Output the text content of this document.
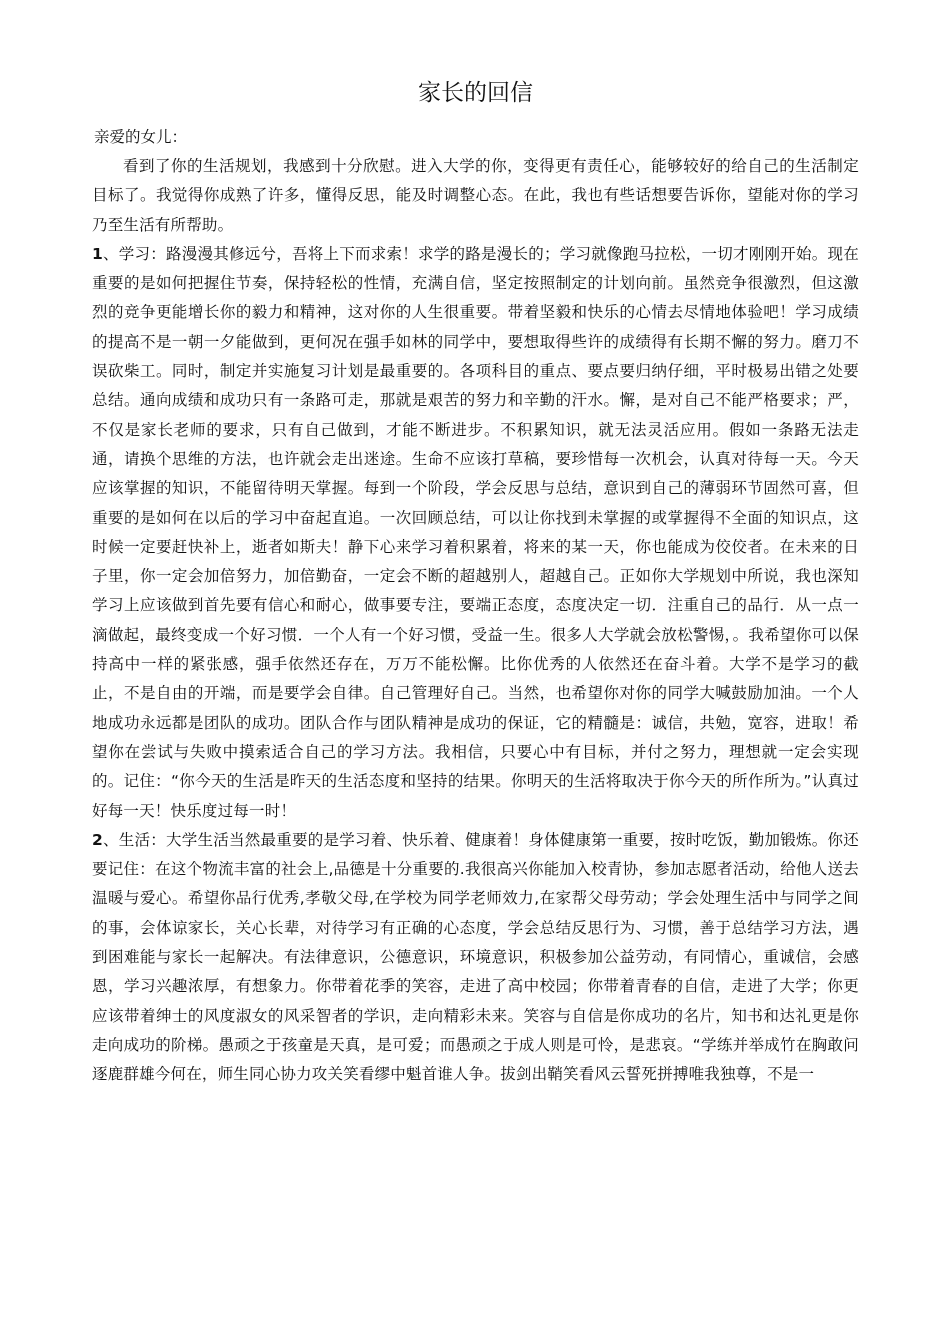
家长的回信
亲爱的女儿：

看到了你的生活规划，我感到十分欣慰。进入大学的你，变得更有责任心，能够较好的给自己的生活制定目标了。我觉得你成熟了许多，懂得反思，能及时调整心态。在此，我也有些话想要告诉你，望能对你的学习乃至生活有所帮助。

1、学习：路漫漫其修远兮，吾将上下而求索！求学的路是漫长的；学习就像跑马拉松，一切才刚刚开始。现在重要的是如何把握住节奏，保持轻松的性情，充满自信，坚定按照制定的计划向前。虽然竞争很激烈，但这激烈的竞争更能增长你的毅力和精神，这对你的人生很重要。带着坚毅和快乐的心情去尽情地体验吧！学习成绩的提高不是一朝一夕能做到，更何况在强手如林的同学中，要想取得些许的成绩得有长期不懈的努力。磨刀不误砍柴工。同时，制定并实施复习计划是最重要的。各项科目的重点、要点要归纳仔细，平时极易出错之处要总结。通向成绩和成功只有一条路可走，那就是艰苦的努力和辛勤的汗水。懈，是对自己不能严格要求；严，不仅是家长老师的要求，只有自己做到，才能不断进步。不积累知识，就无法灵活应用。假如一条路无法走通，请换个思维的方法，也许就会走出迷途。生命不应该打草稿，要珍惜每一次机会，认真对待每一天。今天应该掌握的知识，不能留待明天掌握。每到一个阶段，学会反思与总结，意识到自己的薄弱环节固然可喜，但重要的是如何在以后的学习中奋起直追。一次回顾总结，可以让你找到未掌握的或掌握得不全面的知识点，这时候一定要赶快补上，逝者如斯夫！静下心来学习着积累着，将来的某一天，你也能成为佼佼者。在未来的日子里，你一定会加倍努力，加倍勤奋，一定会不断的超越别人，超越自己。正如你大学规划中所说，我也深知学习上应该做到首先要有信心和耐心，做事要专注，要端正态度，态度决定一切．注重自己的品行．从一点一滴做起，最终变成一个好习惯．一个人有一个好习惯，受益一生。很多人大学就会放松警惕，。我希望你可以保持高中一样的紧张感，强手依然还存在，万万不能松懈。比你优秀的人依然还在奋斗着。大学不是学习的截止，不是自由的开端，而是要学会自律。自己管理好自己。当然，也希望你对你的同学大喊鼓励加油。一个人地成功永远都是团队的成功。团队合作与团队精神是成功的保证，它的精髓是：诚信，共勉，宽容，进取！希望你在尝试与失败中摸索适合自己的学习方法。我相信，只要心中有目标，并付之努力，理想就一定会实现的。记住：“你今天的生活是昨天的生活态度和坚持的结果。你明天的生活将取决于你今天的所作所为。”认真过好每一天！快乐度过每一时！

2、生活：大学生活当然最重要的是学习着、快乐着、健康着！身体健康第一重要，按时吃饭，勤加锻炼。你还要记住：在这个物流丰富的社会上,品德是十分重要的.我很高兴你能加入校青协，参加志愿者活动，给他人送去温暖与爱心。希望你品行优秀,孝敬父母,在学校为同学老师效力,在家帮父母劳动；学会处理生活中与同学之间的事，会体谅家长，关心长辈，对待学习有正确的心态度，学会总结反思行为、习惯，善于总结学习方法，遇到困难能与家长一起解决。有法律意识，公德意识，环境意识，积极参加公益劳动，有同情心，重诚信，会感恩，学习兴趣浓厚，有想象力。你带着花季的笑容，走进了高中校园；你带着青春的自信，走进了大学；你更应该带着绅士的风度淑女的风采智者的学识，走向精彩未来。笑容与自信是你成功的名片，知书和达礼更是你走向成功的阶梯。愚顽之于孩童是天真，是可爱；而愚顽之于成人则是可怜，是悲哀。“学练并举成竹在胸敢问逐鹿群雄今何在，师生同心协力攻关笑看缪中魁首谁人争。拔剑出鞘笑看风云誓死拼搏唯我独尊，不是一
